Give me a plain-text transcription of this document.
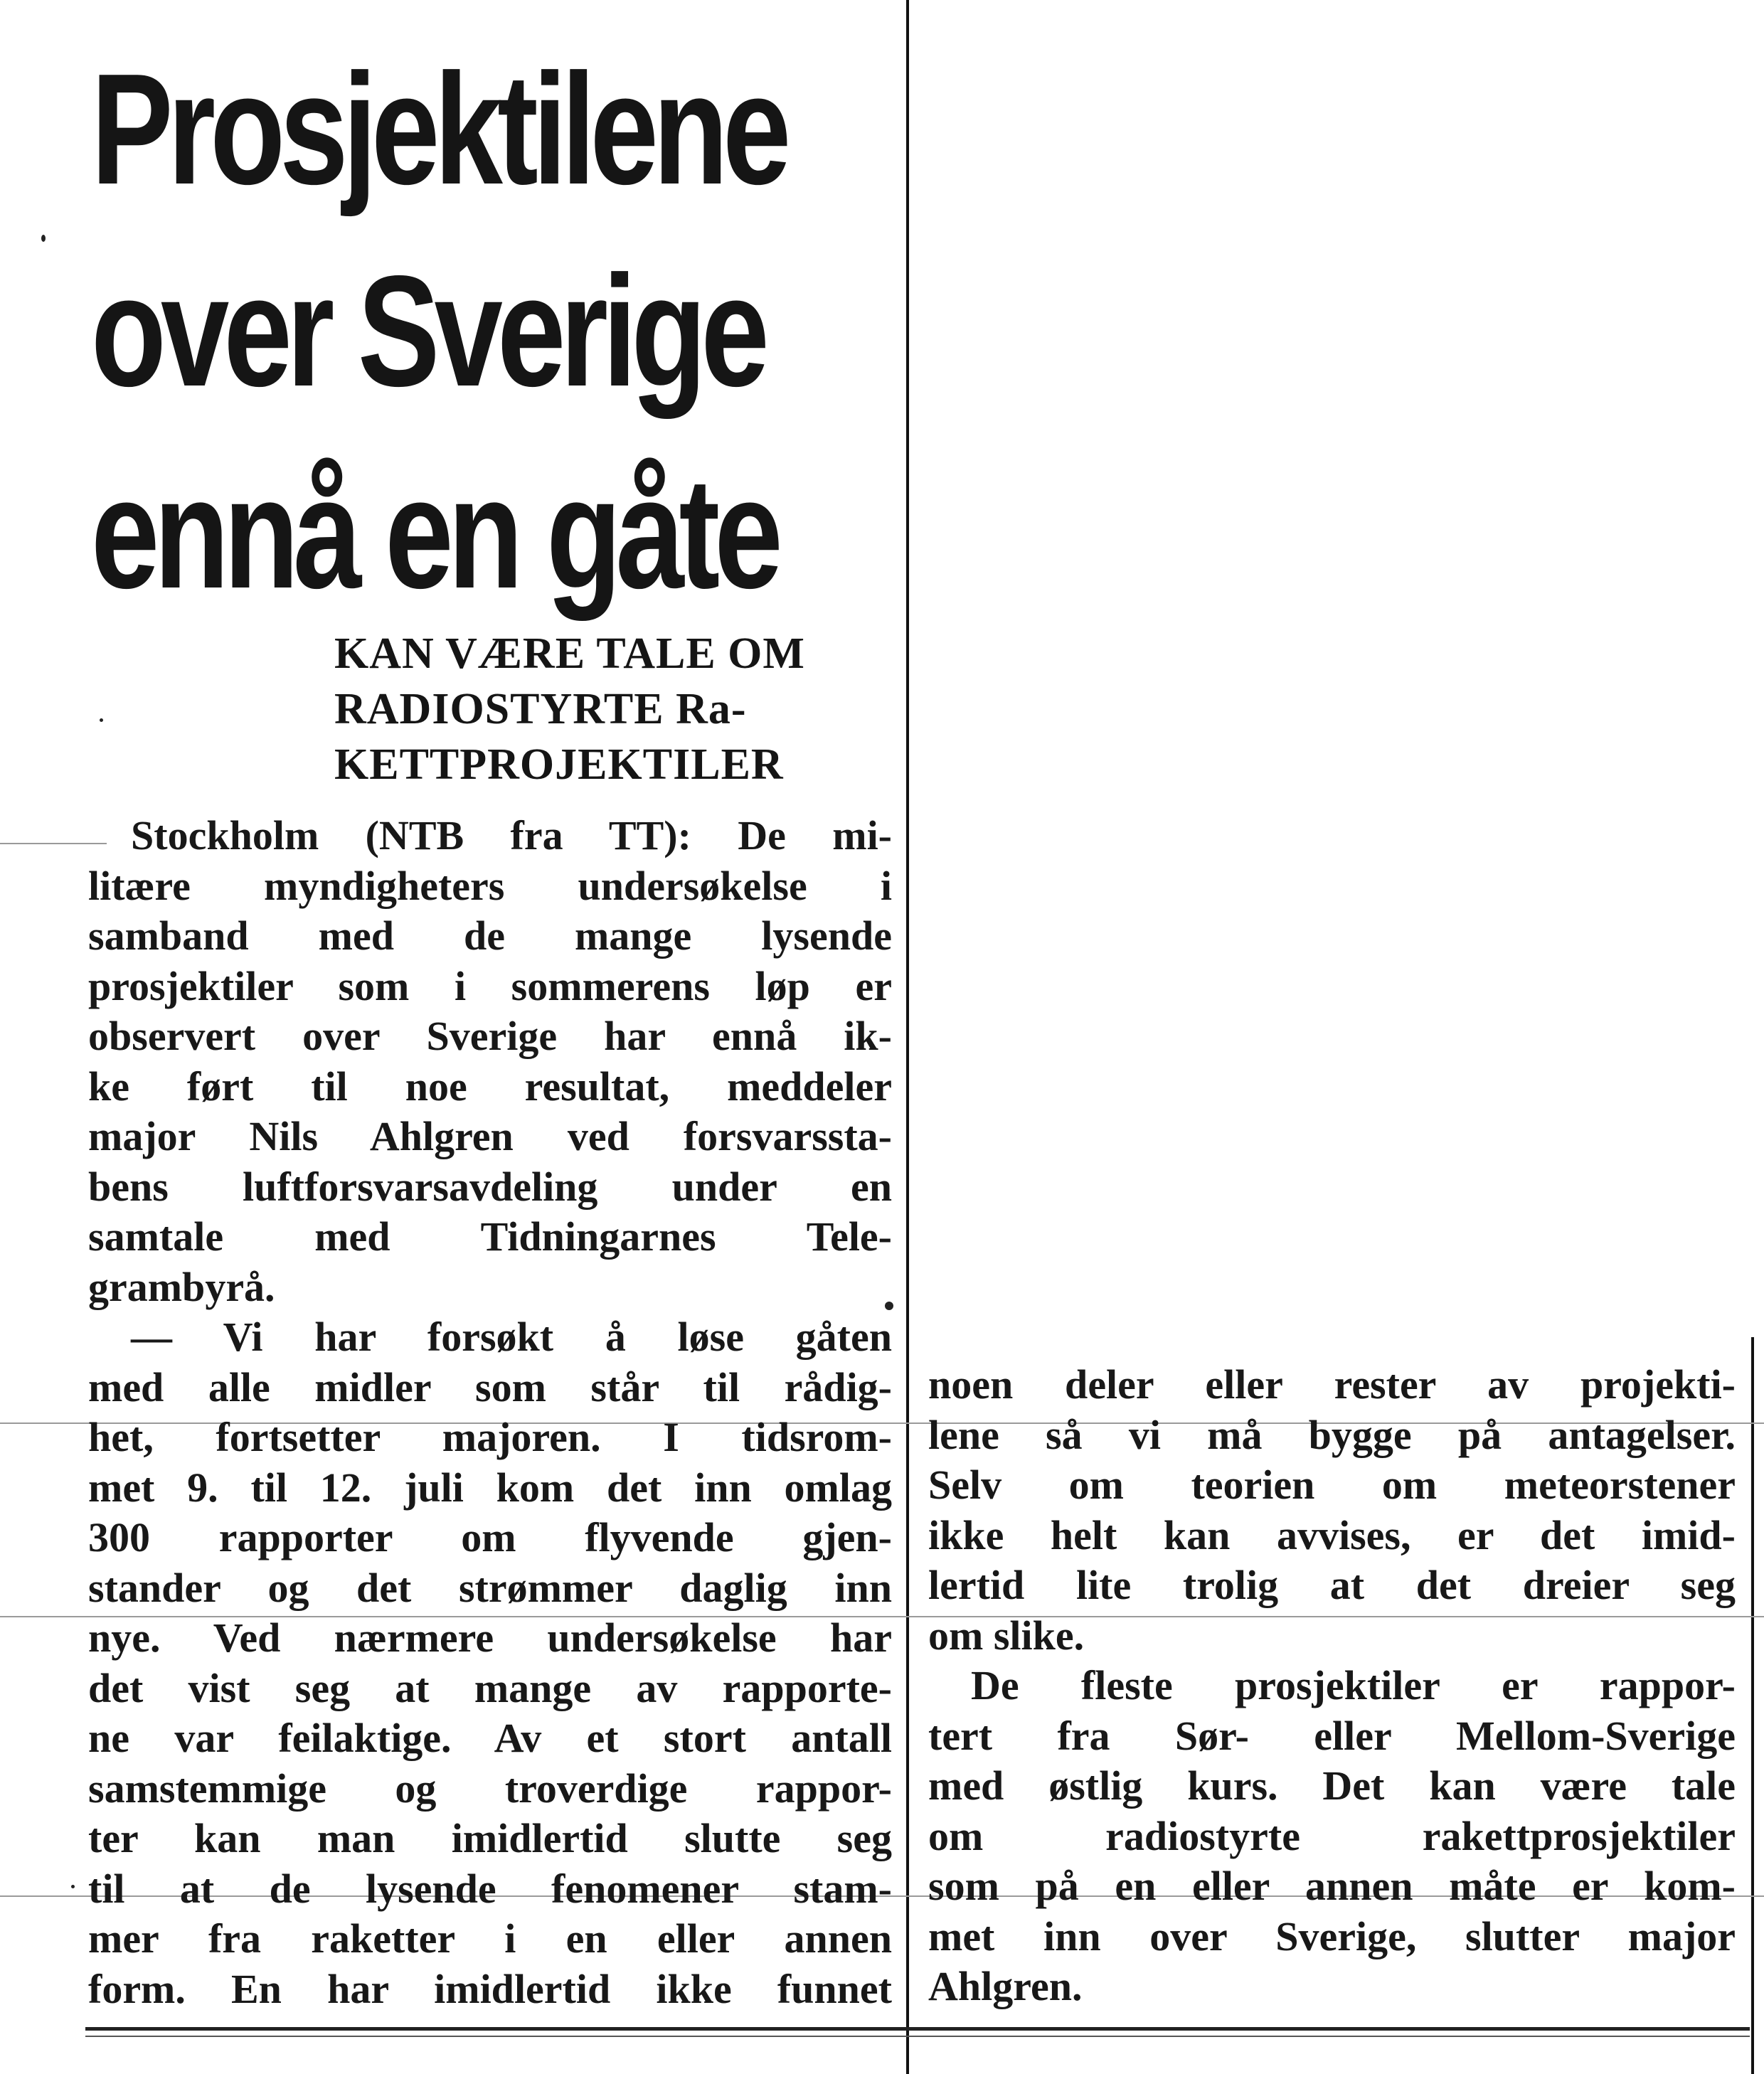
Prosjektilene
over Sverige
ennå en gåte
KAN VÆRE TALE OM
RADIOSTYRTE Ra-
KETTPROJEKTILER
Stockholm (NTB fra TT): De mi-
litære myndigheters undersøkelse i
samband med de mange lysende
prosjektiler som i sommerens løp er
observert over Sverige har ennå ik-
ke ført til noe resultat, meddeler
major Nils Ahlgren ved forsvarssta-
bens luftforsvarsavdeling under en
samtale med Tidningarnes Tele-
grambyrå.
— Vi har forsøkt å løse gåten
med alle midler som står til rådig-
het, fortsetter majoren. I tidsrom-
met 9. til 12. juli kom det inn omlag
300 rapporter om flyvende gjen-
stander og det strømmer daglig inn
nye. Ved nærmere undersøkelse har
det vist seg at mange av rapporte-
ne var feilaktige. Av et stort antall
samstemmige og troverdige rappor-
ter kan man imidlertid slutte seg
til at de lysende fenomener stam-
mer fra raketter i en eller annen
form. En har imidlertid ikke funnet
noen deler eller rester av projekti-
lene så vi må bygge på antagelser.
Selv om teorien om meteorstener
ikke helt kan avvises, er det imid-
lertid lite trolig at det dreier seg
om slike.
De fleste prosjektiler er rappor-
tert fra Sør- eller Mellom-Sverige
med østlig kurs. Det kan være tale
om radiostyrte rakettprosjektiler
som på en eller annen måte er kom-
met inn over Sverige, slutter major
Ahlgren.
